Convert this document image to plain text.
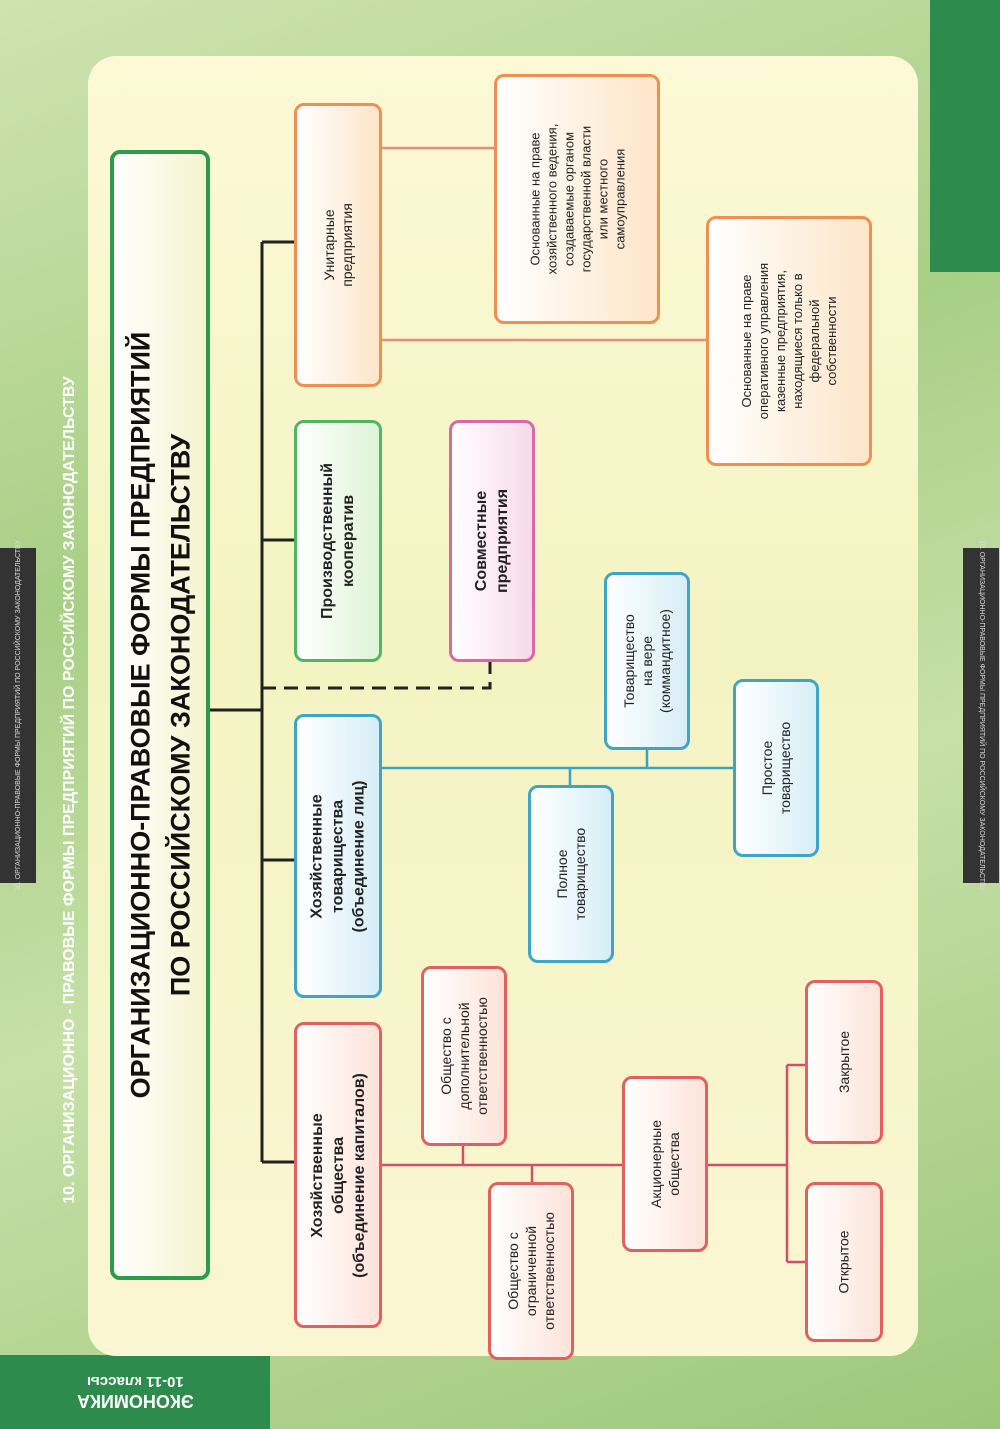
ЭКОНОМИКА
10-11 классы
10. ОРГАНИЗАЦИОННО-ПРАВОВЫЕ ФОРМЫ ПРЕДПРИЯТИЙ ПО РОССИЙСКОМУ ЗАКОНОДАТЕЛЬСТВУ	10. ОРГАНИЗАЦИОННО-ПРАВОВЫЕ ФОРМЫ ПРЕДПРИЯТИЙ ПО РОССИЙСКОМУ ЗАКОНОДАТЕЛЬСТВУ
10. ОРГАНИЗАЦИОННО - ПРАВОВЫЕ ФОРМЫ ПРЕДПРИЯТИЙ ПО РОССИЙСКОМУ ЗАКОНОДАТЕЛЬСТВУ ОРГАНИЗАЦИОННО-ПРАВОВЫЕ ФОРМЫ ПРЕДПРИЯТИЙ ПО РОССИЙСКОМУ ЗАКОНОДАТЕЛЬСТВУ
Унитарные предприятия	Основанные на праве хозяйственного ведения, создаваемые органом государственной власти или местного самоуправления
Основанные на праве оперативного управления казенные предприятия, находящиеся только в федеральной собственности
Производственный кооператив	Совместные предприятия
Хозяйственные товарищества (объединение лиц)
Товарищество на вере (коммандитное)
Полное товарищество
Простое товарищество
Хозяйственные общества (объединение капиталов)
Общество с дополнительной ответственностью
Общество с ограниченной ответственностью
Акционерные общества
Закрытое
Открытое
